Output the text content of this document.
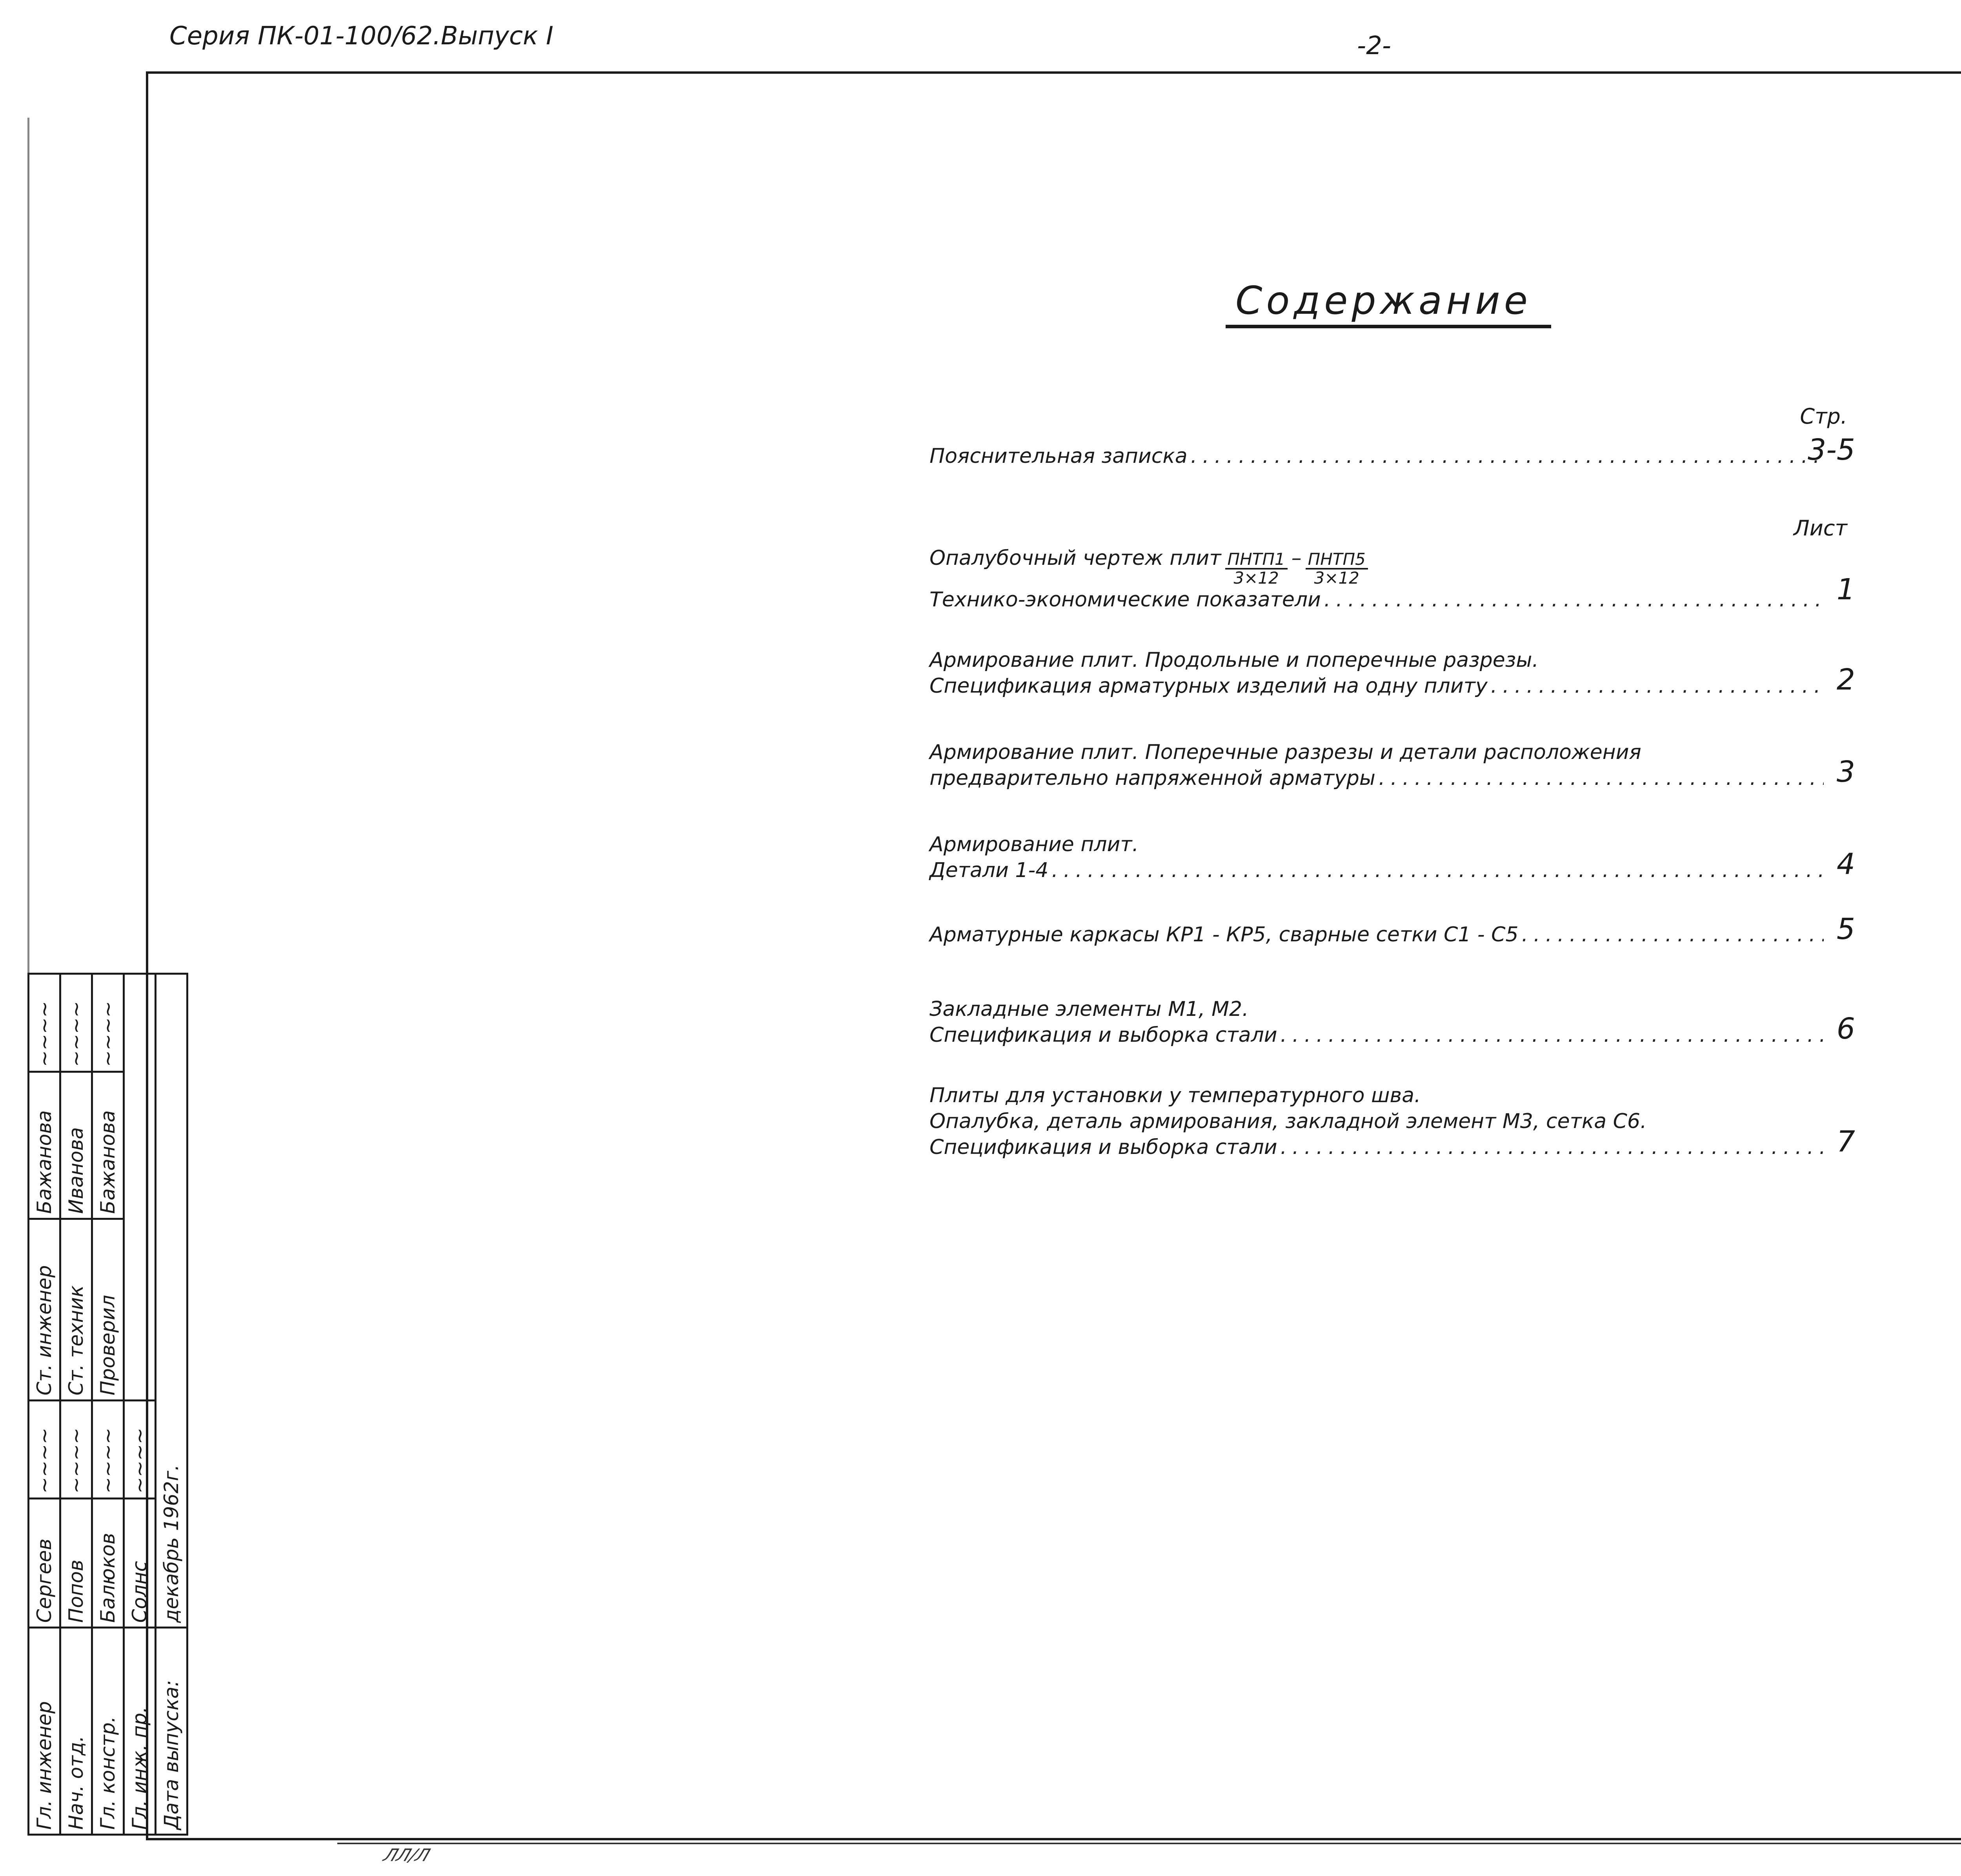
Серия ПК-01-100/62.Выпуск I	-2-
Содержание
Стр.
Пояснительная записка .....	3-5
Лист
Опалубочный чертеж плит $\frac{\text{ПНТП1}}{3\times 12} - \frac{\text{ПНТП5}}{3\times 12}$
Технико-экономические показатели .....	1
Армирование плит. Продольные и поперечные разрезы.
Спецификация арматурных изделий на одну плиту .....	2
Армирование плит. Поперечные разрезы и детали расположения
предварительно напряженной арматуры .....	3
Армирование плит.
Детали 1-4 .....	4
Арматурные каркасы КР1 - КР5, сварные сетки С1 - С5 .....	5
Закладные элементы М1, М2.
Спецификация и выборка стали .....	6
Плиты для установки у температурного шва.
Опалубка, деталь армирования, закладной элемент М3, сетка С6.
Спецификация и выборка стали .....	7
Гл. инженер	Сергеев	~~~~	Ст. инженер	Бажанова	~~~~
Нач. отд.	Попов	~~~~	Ст. техник	Иванова	~~~~
Гл. констр.	Балюков	~~~~	Проверил	Бажанова	~~~~
Гл. инж. пр.	Солнс	~~~~			
Дата выпуска:	декабрь 1962г.				
ЛЛ/Л
